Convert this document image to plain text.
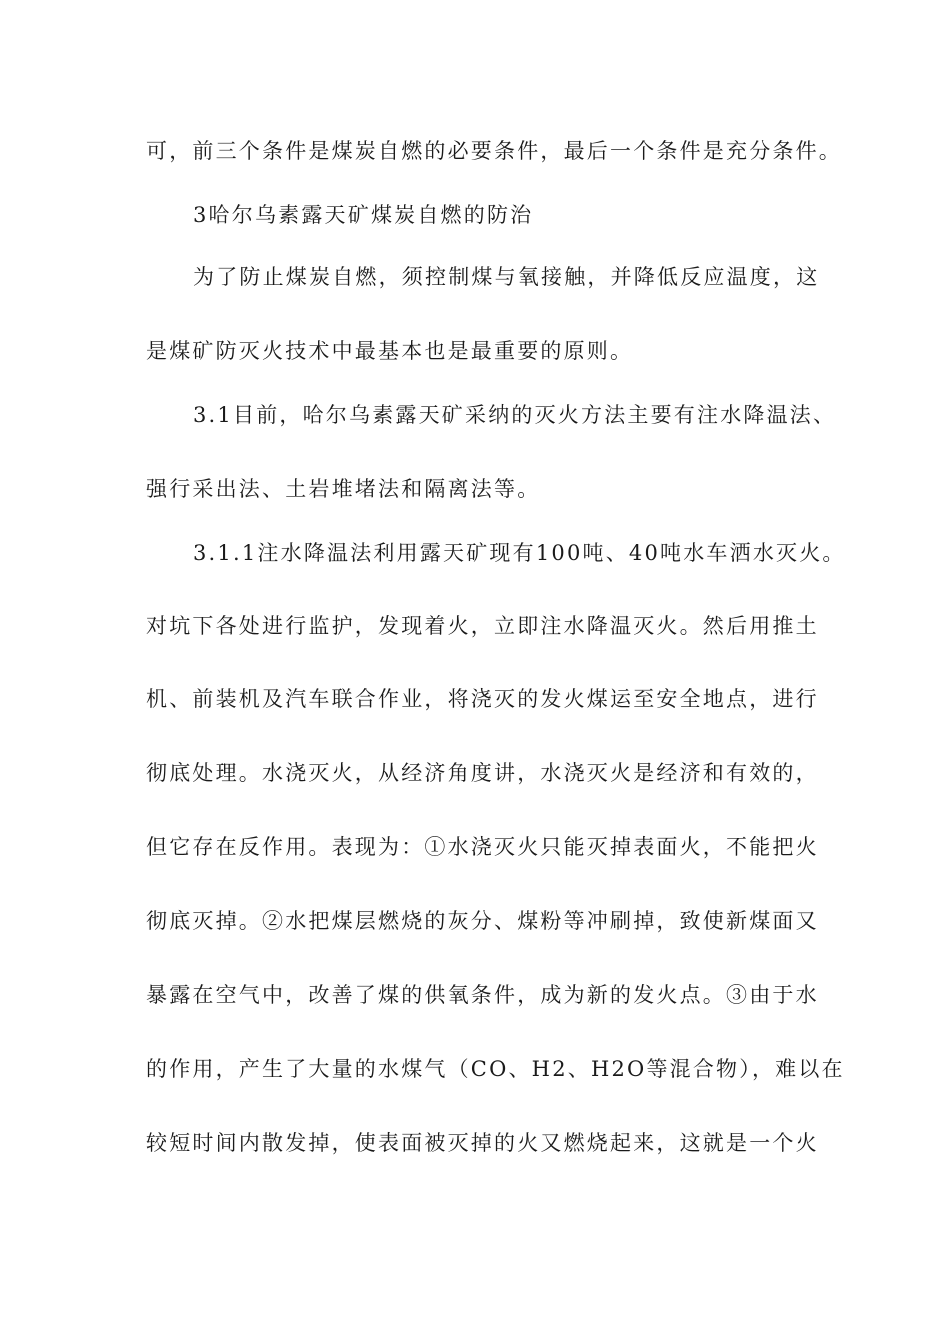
可，前三个条件是煤炭自燃的必要条件，最后一个条件是充分条件。
3哈尔乌素露天矿煤炭自燃的防治
为了防止煤炭自燃，须控制煤与氧接触，并降低反应温度，这
是煤矿防灭火技术中最基本也是最重要的原则。
3.1目前，哈尔乌素露天矿采纳的灭火方法主要有注水降温法、
强行采出法、土岩堆堵法和隔离法等。
3.1.1注水降温法利用露天矿现有100吨、40吨水车洒水灭火。
对坑下各处进行监护，发现着火，立即注水降温灭火。然后用推土
机、前装机及汽车联合作业，将浇灭的发火煤运至安全地点，进行
彻底处理。水浇灭火，从经济角度讲，水浇灭火是经济和有效的，
但它存在反作用。表现为：①水浇灭火只能灭掉表面火，不能把火
彻底灭掉。②水把煤层燃烧的灰分、煤粉等冲刷掉，致使新煤面又
暴露在空气中，改善了煤的供氧条件，成为新的发火点。③由于水
的作用，产生了大量的水煤气（CO、H2、H2O等混合物），难以在
较短时间内散发掉，使表面被灭掉的火又燃烧起来，这就是一个火
